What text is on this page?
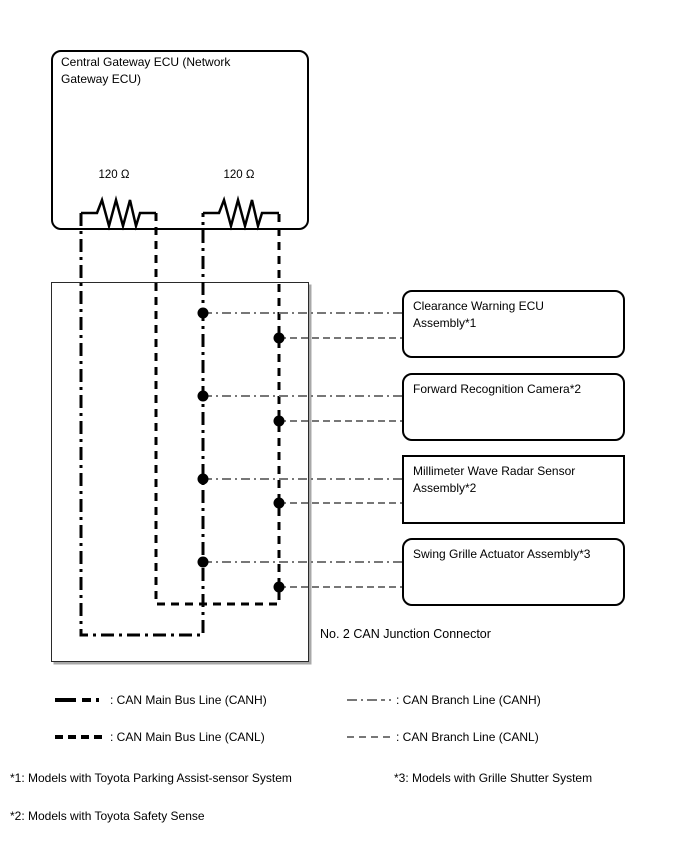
Clearance Warning ECU Assembly*1
Forward Recognition Camera*2
Millimeter Wave Radar Sensor Assembly*2
Swing Grille Actuator Assembly*3
Central Gateway ECU (Network Gateway ECU)
120 Ω	120 Ω
No. 2 CAN Junction Connector
: CAN Main Bus Line (CANH)
: CAN Main Bus Line (CANL)
: CAN Branch Line (CANH)
: CAN Branch Line (CANL)
*1: Models with Toyota Parking Assist-sensor System
*2: Models with Toyota Safety Sense
*3: Models with Grille Shutter System
